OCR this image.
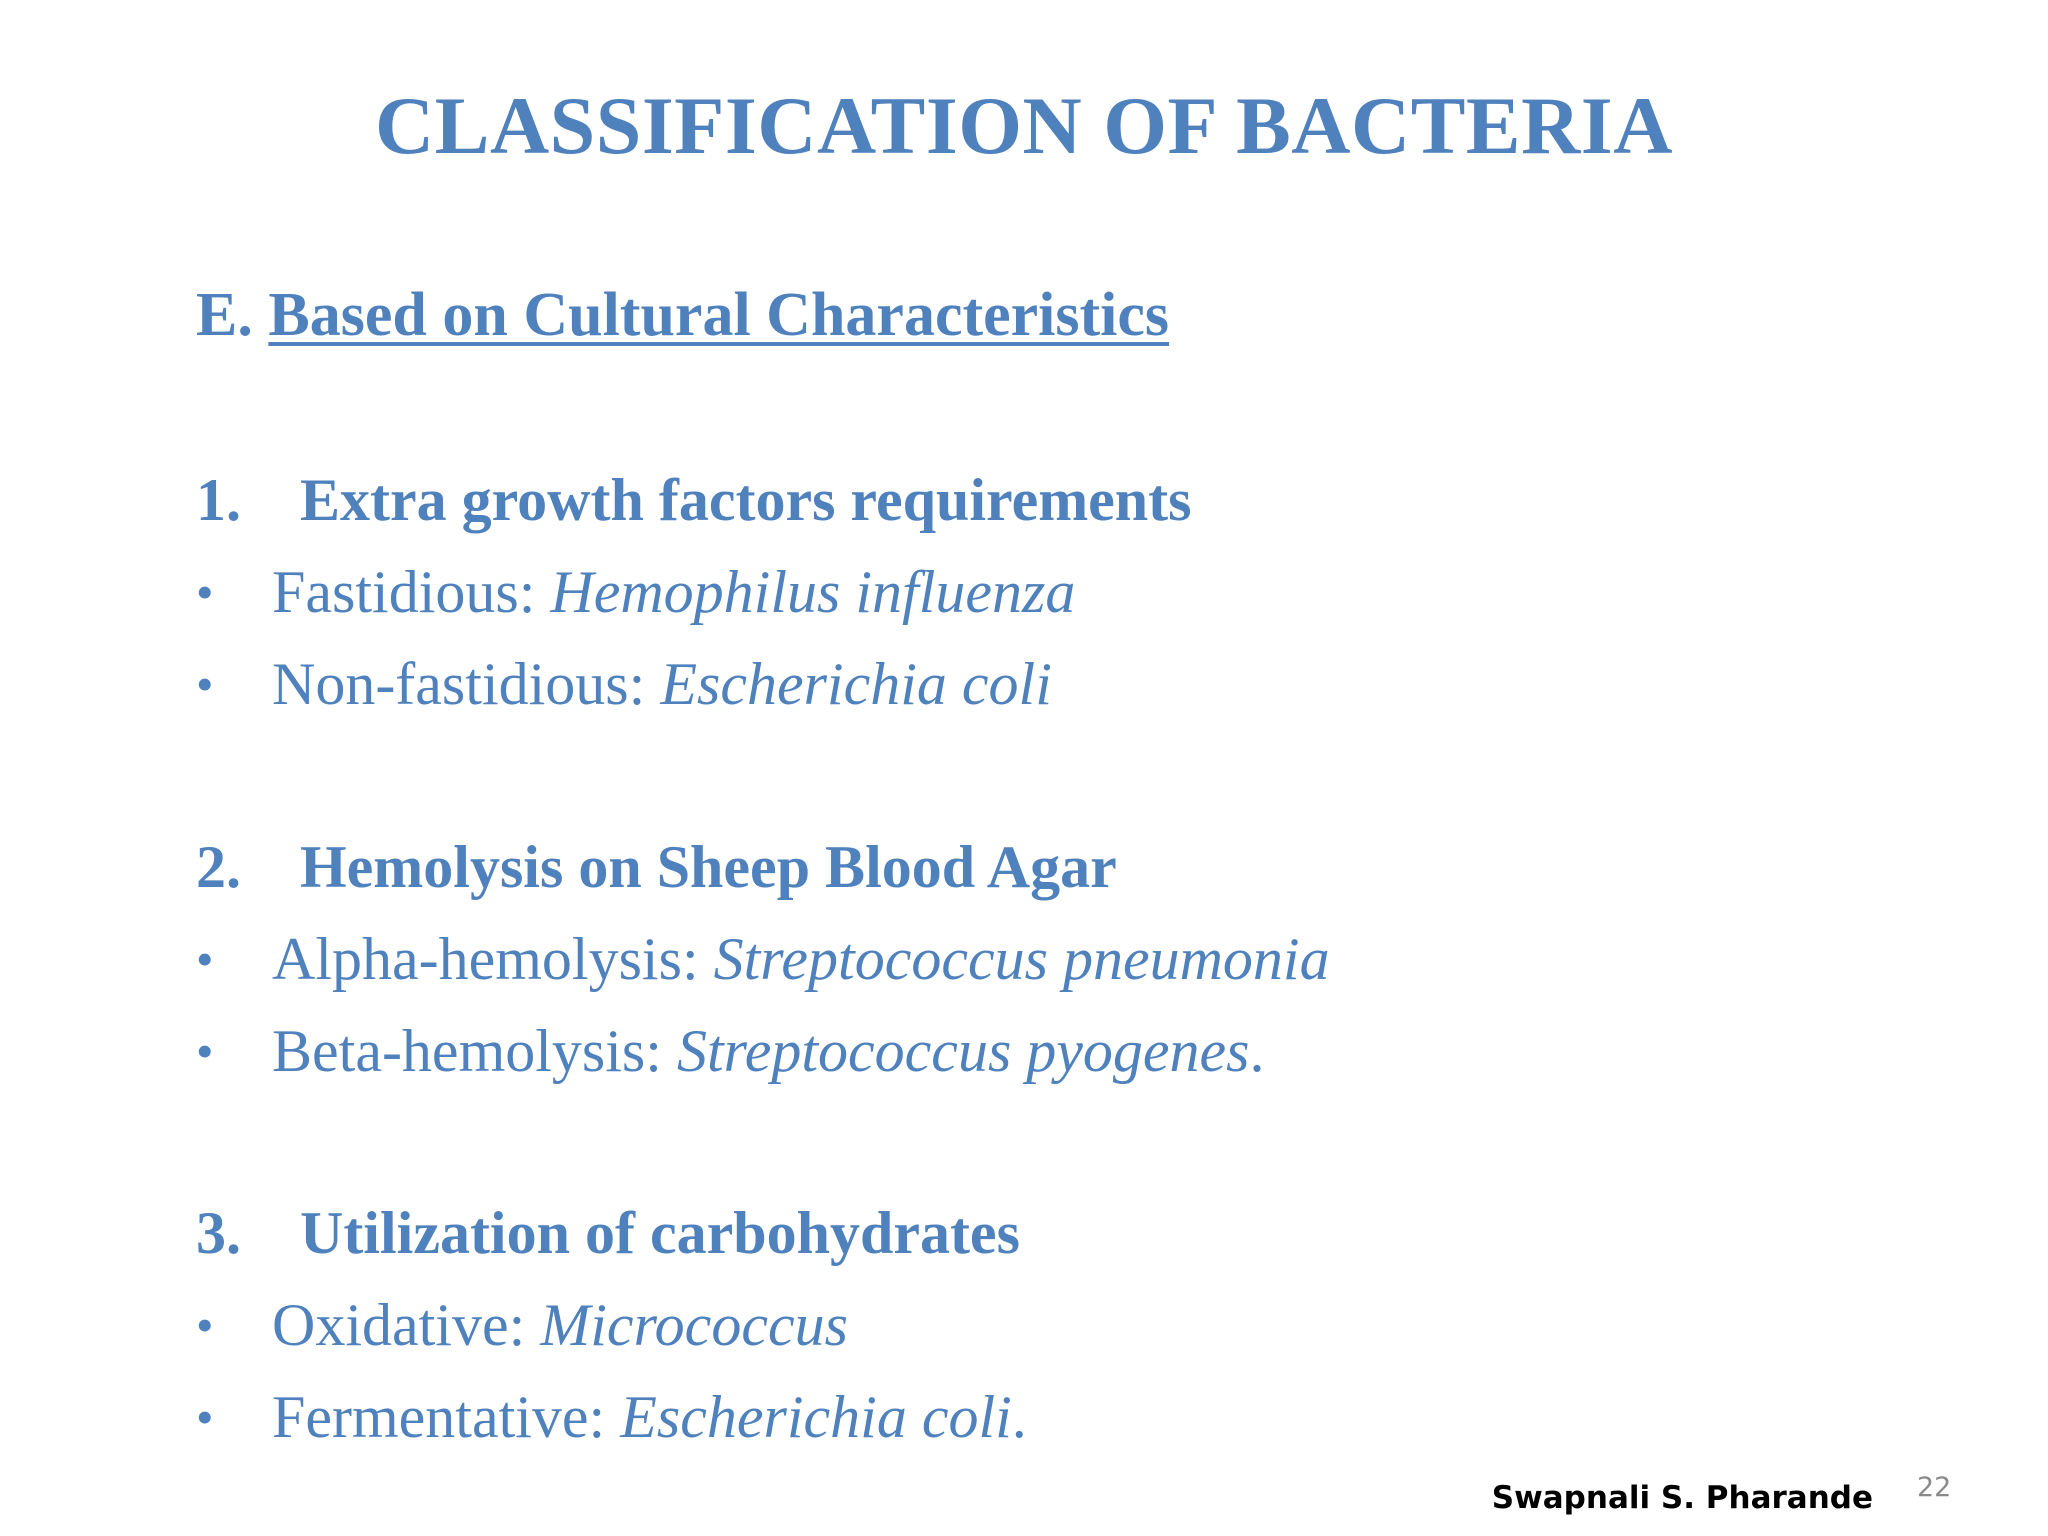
CLASSIFICATION OF BACTERIA
E. Based on Cultural Characteristics
1. Extra growth factors requirements
• Fastidious: Hemophilus influenza
• Non-fastidious: Escherichia coli
2. Hemolysis on Sheep Blood Agar
• Alpha-hemolysis: Streptococcus pneumonia
• Beta-hemolysis: Streptococcus pyogenes.
3. Utilization of carbohydrates
• Oxidative: Micrococcus
• Fermentative: Escherichia coli.
Swapnali S. Pharande 22
